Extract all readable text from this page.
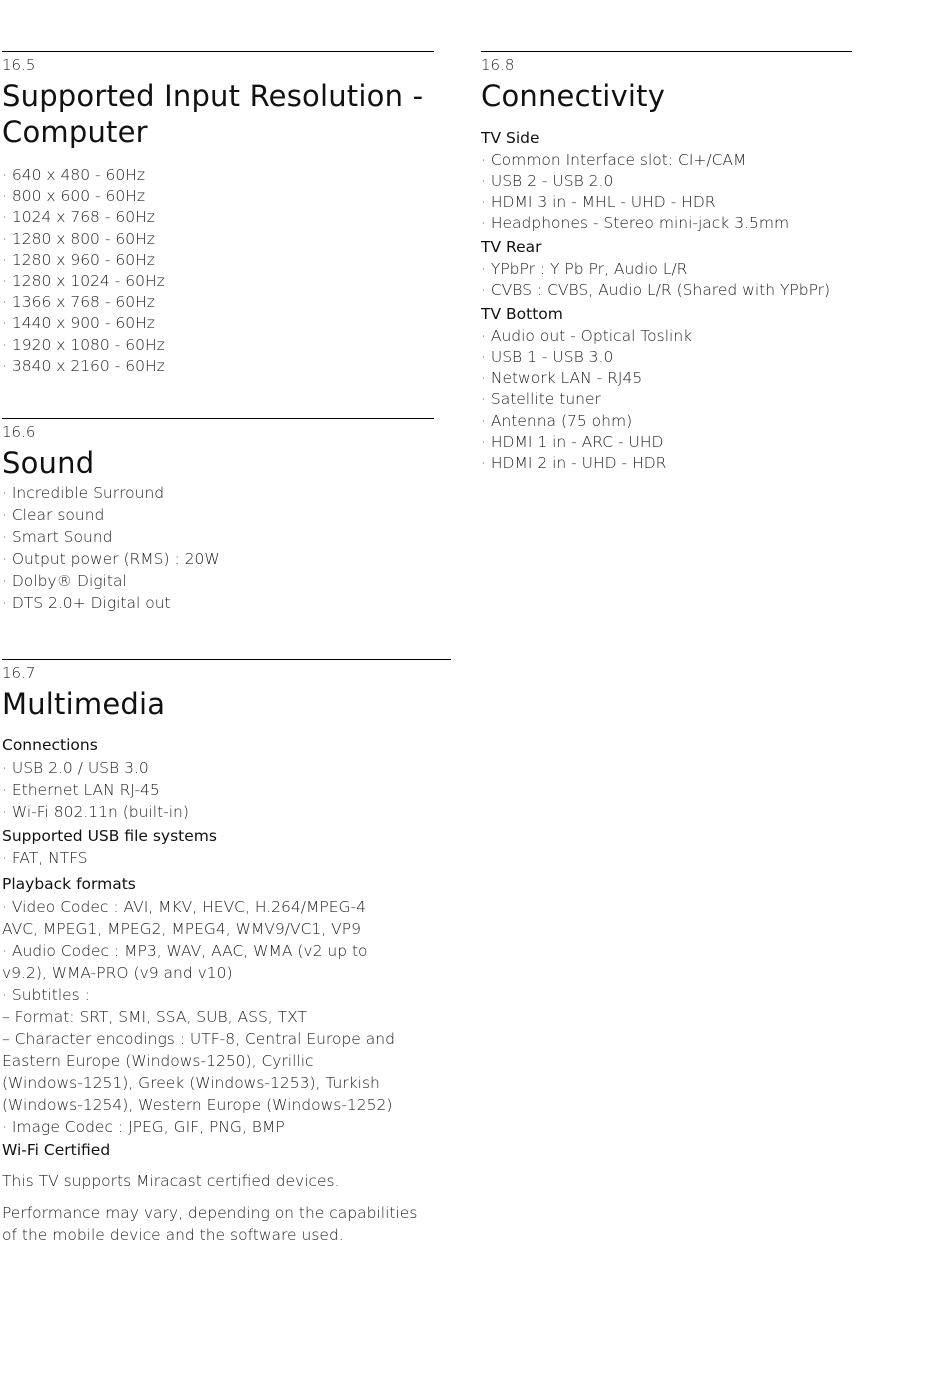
16.5
Supported Input Resolution -
Computer
· 640 x 480 - 60Hz
· 800 x 600 - 60Hz
· 1024 x 768 - 60Hz
· 1280 x 800 - 60Hz
· 1280 x 960 - 60Hz
· 1280 x 1024 - 60Hz
· 1366 x 768 - 60Hz
· 1440 x 900 - 60Hz
· 1920 x 1080 - 60Hz
· 3840 x 2160 - 60Hz
16.6
Sound
· Incredible Surround
· Clear sound
· Smart Sound
· Output power (RMS) : 20W
· Dolby® Digital
· DTS 2.0+ Digital out
16.7
Multimedia
Connections
· USB 2.0 / USB 3.0
· Ethernet LAN RJ-45
· Wi-Fi 802.11n (built-in)
Supported USB file systems
· FAT, NTFS
Playback formats
· Video Codec : AVI, MKV, HEVC, H.264/MPEG-4
AVC, MPEG1, MPEG2, MPEG4, WMV9/VC1, VP9
· Audio Codec : MP3, WAV, AAC, WMA (v2 up to
v9.2), WMA-PRO (v9 and v10)
· Subtitles :
– Format: SRT, SMI, SSA, SUB, ASS, TXT
– Character encodings : UTF-8, Central Europe and
Eastern Europe (Windows-1250), Cyrillic
(Windows-1251), Greek (Windows-1253), Turkish
(Windows-1254), Western Europe (Windows-1252)
· Image Codec : JPEG, GIF, PNG, BMP
Wi-Fi Certified

This TV supports Miracast certified devices.

Performance may vary, depending on the capabilities
of the mobile device and the software used.

16.8
Connectivity
TV Side
· Common Interface slot: CI+/CAM
· USB 2 - USB 2.0
· HDMI 3 in - MHL - UHD - HDR
· Headphones - Stereo mini-jack 3.5mm
TV Rear
· YPbPr : Y Pb Pr, Audio L/R
· CVBS : CVBS, Audio L/R (Shared with YPbPr)
TV Bottom
· Audio out - Optical Toslink
· USB 1 - USB 3.0
· Network LAN - RJ45
· Satellite tuner
· Antenna (75 ohm)
· HDMI 1 in - ARC - UHD
· HDMI 2 in - UHD - HDR
